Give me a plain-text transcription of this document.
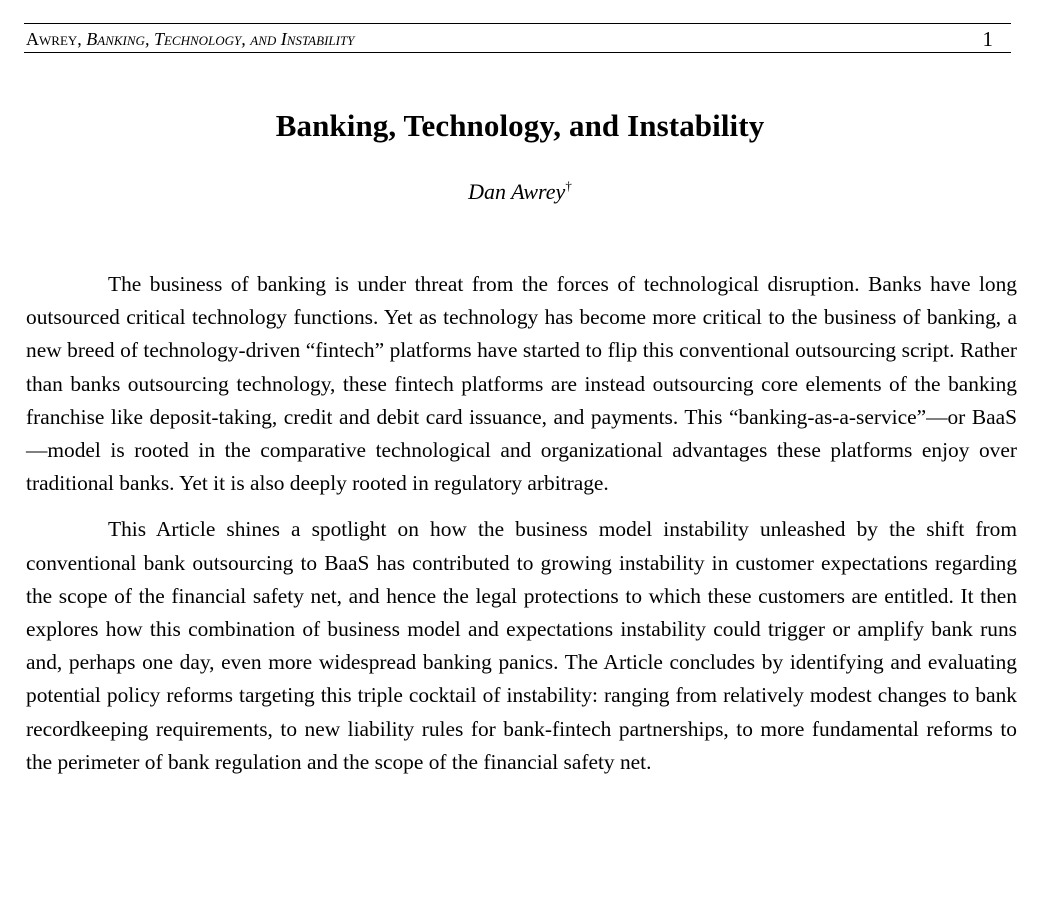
Awrey, Banking, Technology, and Instability	1
Banking, Technology, and Instability
Dan Awrey†

The business of banking is under threat from the forces of technological disruption. Banks have long outsourced critical technology functions. Yet as technology has become more critical to the business of banking, a new breed of technology-driven “fintech” platforms have started to flip this conventional outsourcing script. Rather than banks outsourcing technology, these fintech platforms are instead outsourcing core elements of the banking franchise like deposit-taking, credit and debit card issuance, and payments. This “banking-as-a-service”—or BaaS—model is rooted in the comparative technological and organizational advantages these platforms enjoy over traditional banks. Yet it is also deeply rooted in regulatory arbitrage.

This Article shines a spotlight on how the business model instability unleashed by the shift from conventional bank outsourcing to BaaS has contributed to growing instability in customer expectations regarding the scope of the financial safety net, and hence the legal protections to which these customers are entitled. It then explores how this combination of business model and expectations instability could trigger or amplify bank runs and, perhaps one day, even more widespread banking panics. The Article concludes by identifying and evaluating potential policy reforms targeting this triple cocktail of instability: ranging from relatively modest changes to bank recordkeeping requirements, to new liability rules for bank-fintech partnerships, to more fundamental reforms to the perimeter of bank regulation and the scope of the financial safety net.
